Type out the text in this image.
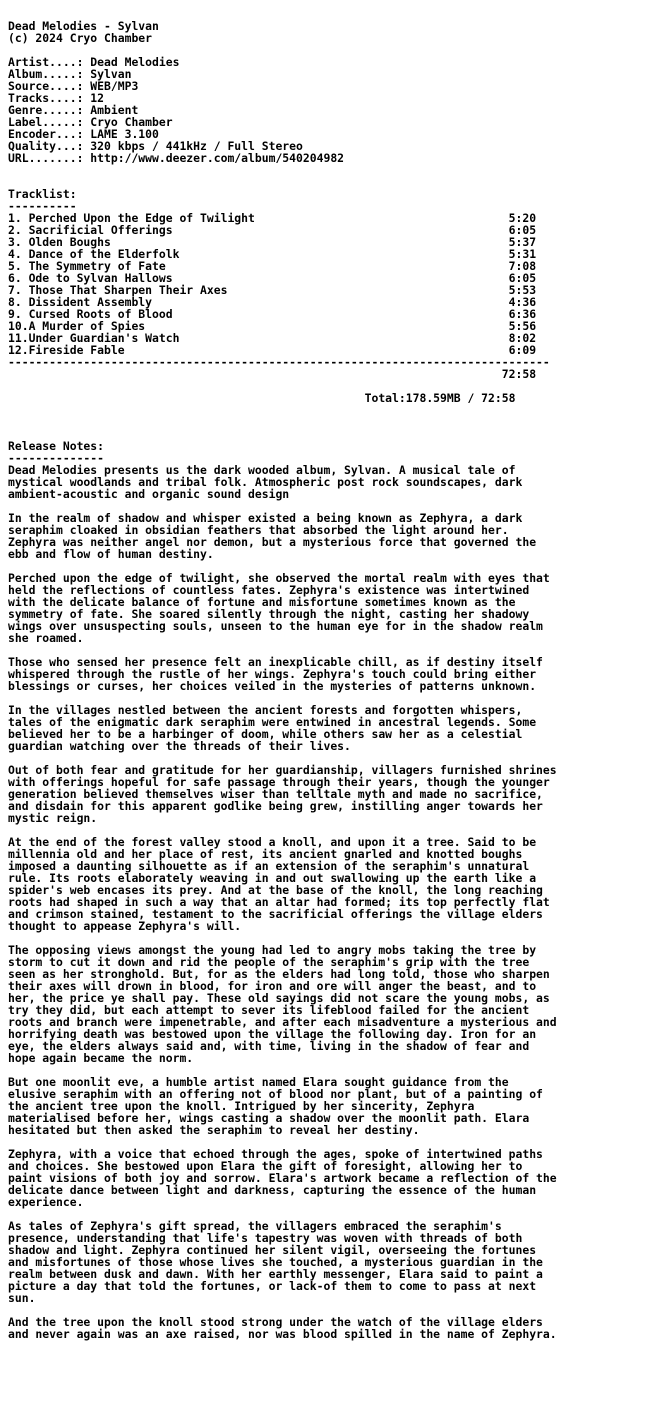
Dead Melodies - Sylvan
(c) 2024 Cryo Chamber
Artist....: Dead Melodies
Album.....: Sylvan
Source....: WEB/MP3
Tracks....: 12
Genre.....: Ambient
Label.....: Cryo Chamber
Encoder...: LAME 3.100
Quality...: 320 kbps / 441kHz / Full Stereo
URL.......: http://www.deezer.com/album/540204982
Tracklist:
----------
1. Perched Upon the Edge of Twilight                                     5:20
2. Sacrificial Offerings                                                 6:05
3. Olden Boughs                                                          5:37
4. Dance of the Elderfolk                                                5:31
5. The Symmetry of Fate                                                  7:08
6. Ode to Sylvan Hallows                                                 6:05
7. Those That Sharpen Their Axes                                         5:53
8. Dissident Assembly                                                    4:36
9. Cursed Roots of Blood                                                 6:36
10.A Murder of Spies                                                     5:56
11.Under Guardian's Watch                                                8:02
12.Fireside Fable                                                        6:09
-------------------------------------------------------------------------------
72:58
Total:178.59MB / 72:58
Release Notes:
--------------
Dead Melodies presents us the dark wooded album, Sylvan. A musical tale of
mystical woodlands and tribal folk. Atmospheric post rock soundscapes, dark
ambient-acoustic and organic sound design
In the realm of shadow and whisper existed a being known as Zephyra, a dark
seraphim cloaked in obsidian feathers that absorbed the light around her.
Zephyra was neither angel nor demon, but a mysterious force that governed the
ebb and flow of human destiny.
Perched upon the edge of twilight, she observed the mortal realm with eyes that
held the reflections of countless fates. Zephyra's existence was intertwined
with the delicate balance of fortune and misfortune sometimes known as the
symmetry of fate. She soared silently through the night, casting her shadowy
wings over unsuspecting souls, unseen to the human eye for in the shadow realm
she roamed.
Those who sensed her presence felt an inexplicable chill, as if destiny itself
whispered through the rustle of her wings. Zephyra's touch could bring either
blessings or curses, her choices veiled in the mysteries of patterns unknown.
In the villages nestled between the ancient forests and forgotten whispers,
tales of the enigmatic dark seraphim were entwined in ancestral legends. Some
believed her to be a harbinger of doom, while others saw her as a celestial
guardian watching over the threads of their lives.
Out of both fear and gratitude for her guardianship, villagers furnished shrines
with offerings hopeful for safe passage through their years, though the younger
generation believed themselves wiser than telltale myth and made no sacrifice,
and disdain for this apparent godlike being grew, instilling anger towards her
mystic reign.
At the end of the forest valley stood a knoll, and upon it a tree. Said to be
millennia old and her place of rest, its ancient gnarled and knotted boughs
imposed a daunting silhouette as if an extension of the seraphim's unnatural
rule. Its roots elaborately weaving in and out swallowing up the earth like a
spider's web encases its prey. And at the base of the knoll, the long reaching
roots had shaped in such a way that an altar had formed; its top perfectly flat
and crimson stained, testament to the sacrificial offerings the village elders
thought to appease Zephyra's will.
The opposing views amongst the young had led to angry mobs taking the tree by
storm to cut it down and rid the people of the seraphim's grip with the tree
seen as her stronghold. But, for as the elders had long told, those who sharpen
their axes will drown in blood, for iron and ore will anger the beast, and to
her, the price ye shall pay. These old sayings did not scare the young mobs, as
try they did, but each attempt to sever its lifeblood failed for the ancient
roots and branch were impenetrable, and after each misadventure a mysterious and
horrifying death was bestowed upon the village the following day. Iron for an
eye, the elders always said and, with time, living in the shadow of fear and
hope again became the norm.
But one moonlit eve, a humble artist named Elara sought guidance from the
elusive seraphim with an offering not of blood nor plant, but of a painting of
the ancient tree upon the knoll. Intrigued by her sincerity, Zephyra
materialised before her, wings casting a shadow over the moonlit path. Elara
hesitated but then asked the seraphim to reveal her destiny.
Zephyra, with a voice that echoed through the ages, spoke of intertwined paths
and choices. She bestowed upon Elara the gift of foresight, allowing her to
paint visions of both joy and sorrow. Elara's artwork became a reflection of the
delicate dance between light and darkness, capturing the essence of the human
experience.
As tales of Zephyra's gift spread, the villagers embraced the seraphim's
presence, understanding that life's tapestry was woven with threads of both
shadow and light. Zephyra continued her silent vigil, overseeing the fortunes
and misfortunes of those whose lives she touched, a mysterious guardian in the
realm between dusk and dawn. With her earthly messenger, Elara said to paint a
picture a day that told the fortunes, or lack-of them to come to pass at next
sun.
And the tree upon the knoll stood strong under the watch of the village elders
and never again was an axe raised, nor was blood spilled in the name of Zephyra.
